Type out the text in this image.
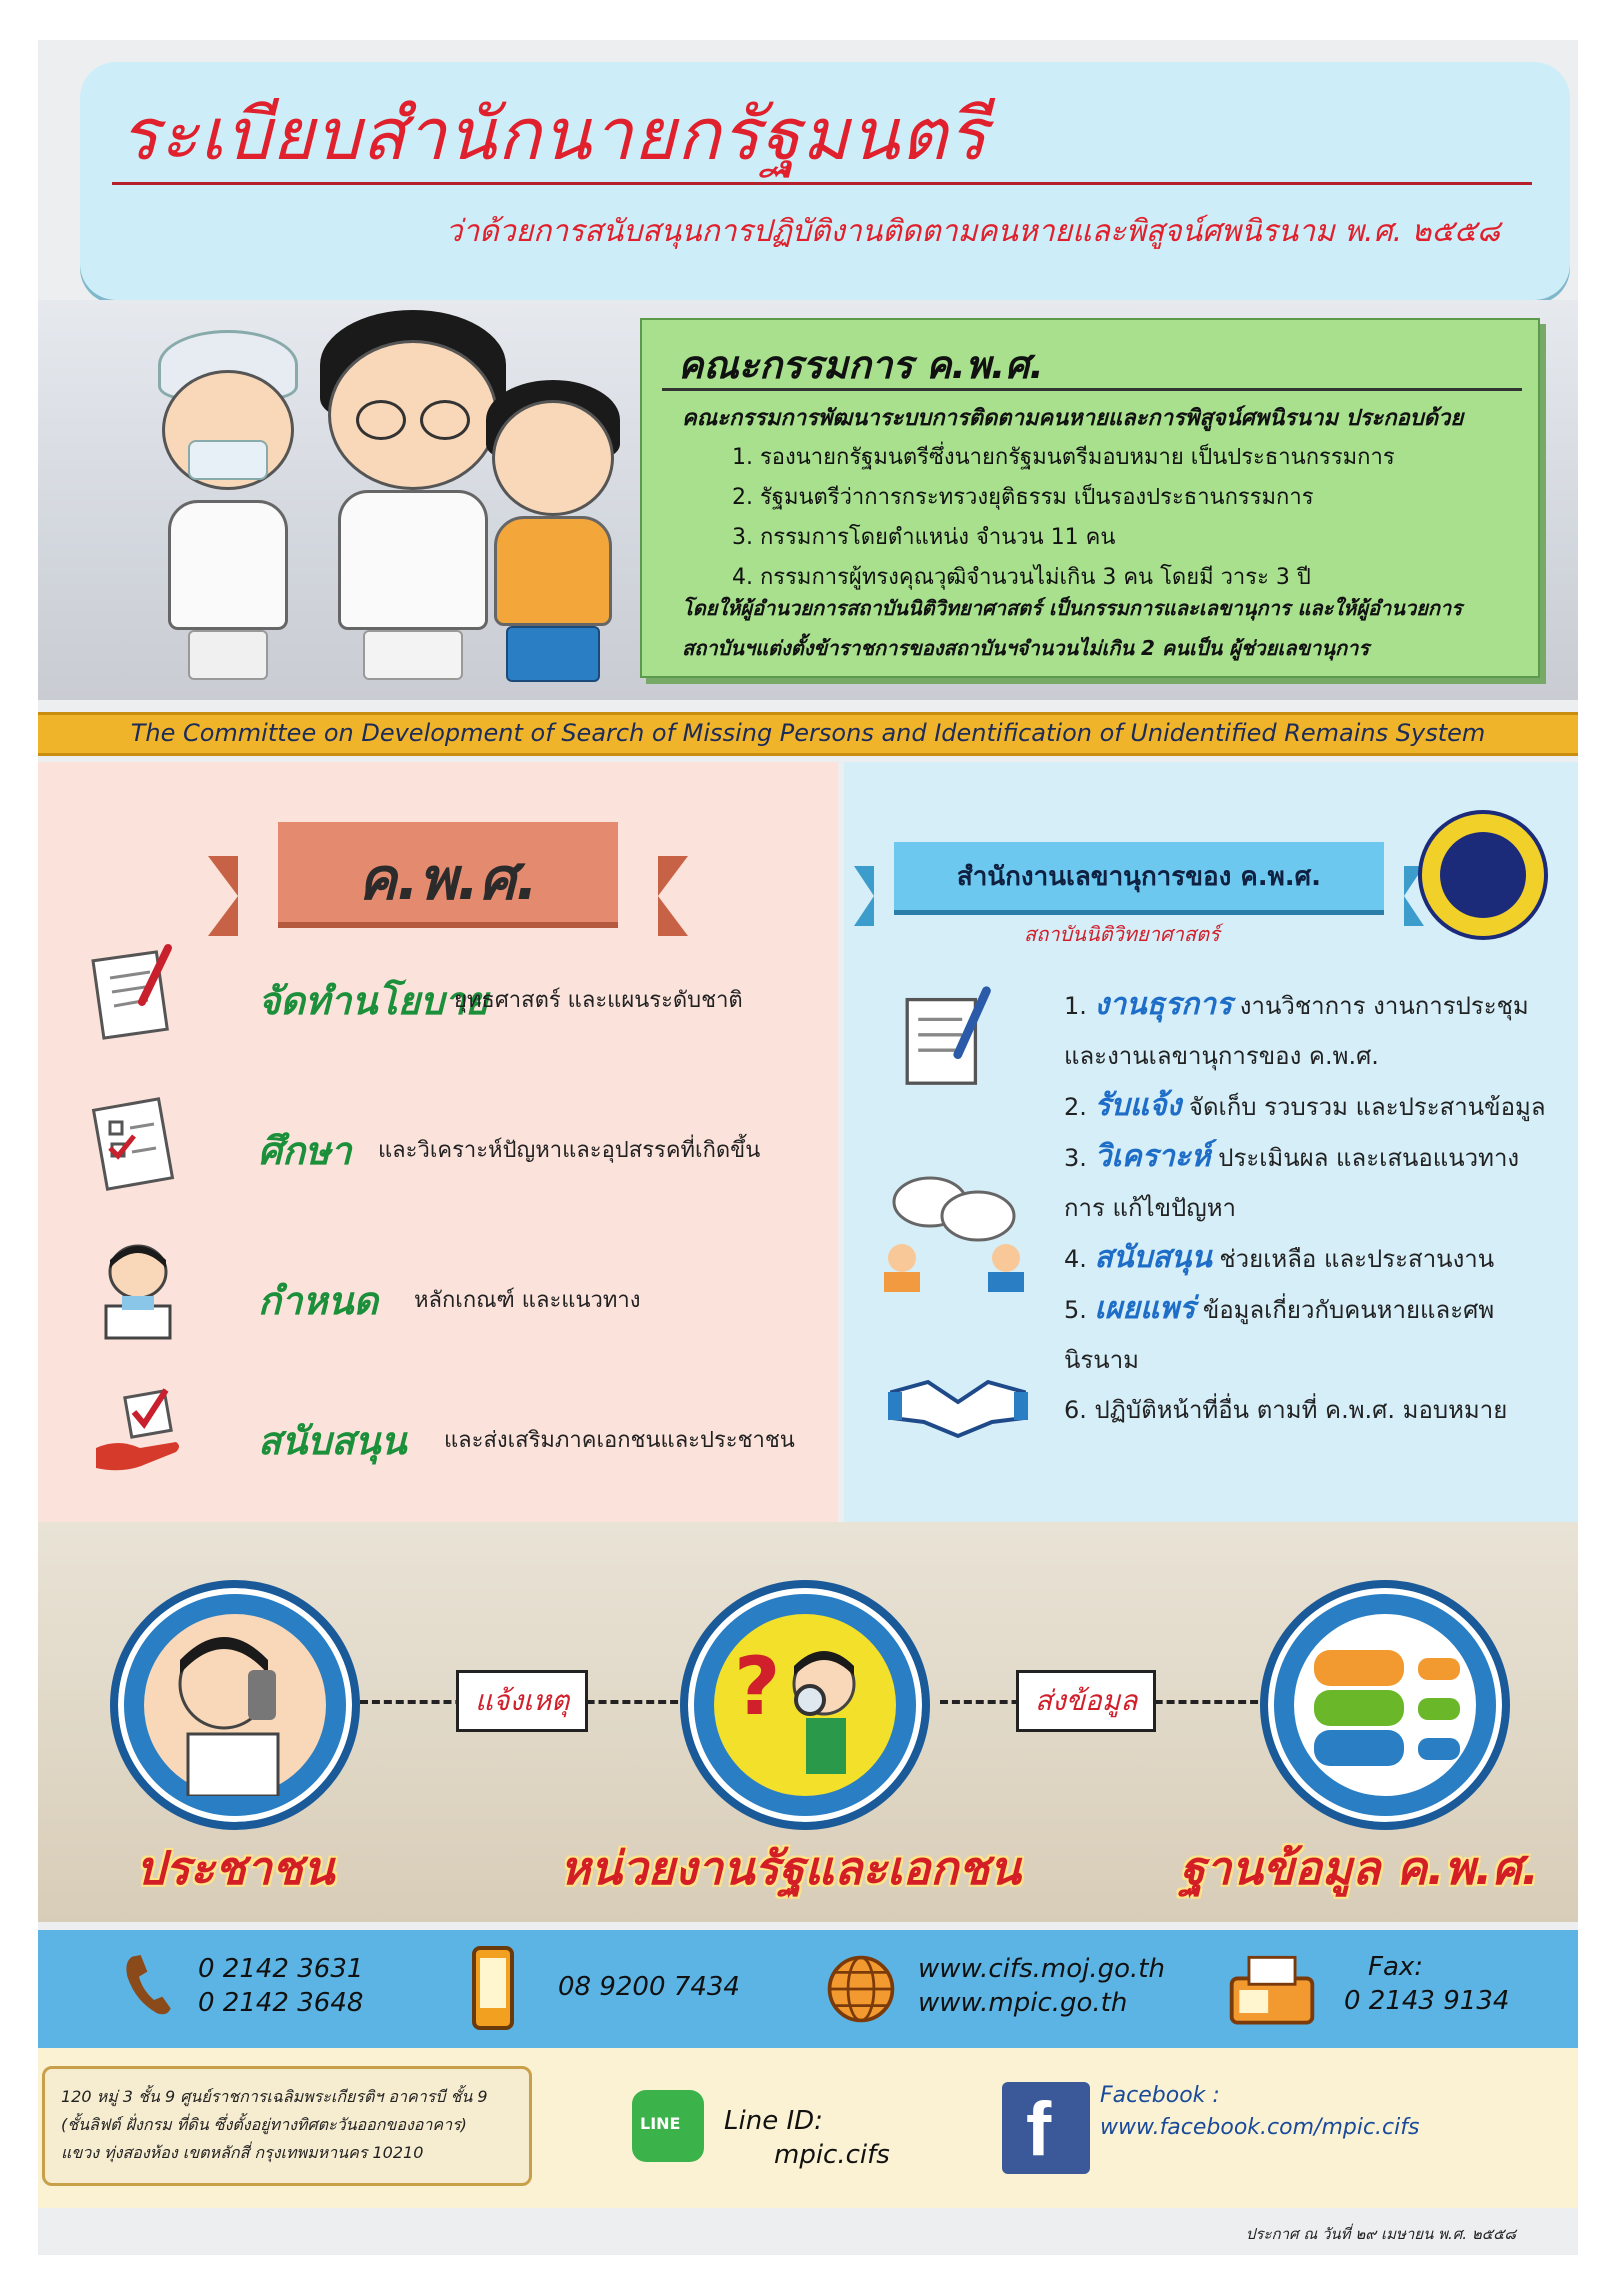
ระเบียบสำนักนายกรัฐมนตรี
ว่าด้วยการสนับสนุนการปฏิบัติงานติดตามคนหายและพิสูจน์ศพนิรนาม พ.ศ. ๒๕๕๘
คณะกรรมการ ค.พ.ศ.
คณะกรรมการพัฒนาระบบการติดตามคนหายและการพิสูจน์ศพนิรนาม ประกอบด้วย
1. รองนายกรัฐมนตรีซึ่งนายกรัฐมนตรีมอบหมาย เป็นประธานกรรมการ
2. รัฐมนตรีว่าการกระทรวงยุติธรรม เป็นรองประธานกรรมการ
3. กรรมการโดยตำแหน่ง จำนวน 11 คน
4. กรรมการผู้ทรงคุณวุฒิจำนวนไม่เกิน 3 คน โดยมี วาระ 3 ปี
โดยให้ผู้อำนวยการสถาบันนิติวิทยาศาสตร์ เป็นกรรมการและเลขานุการ และให้ผู้อำนวยการ สถาบันฯแต่งตั้งข้าราชการของสถาบันฯจำนวนไม่เกิน 2 คนเป็น ผู้ช่วยเลขานุการ
The Committee on Development of Search of Missing Persons and Identification of Unidentified Remains System
ค.พ.ศ.
จัดทำนโยบาย
ยุทธศาสตร์ และแผนระดับชาติ
ศึกษา และวิเคราะห์ปัญหาและอุปสรรคที่เกิดขึ้น
กำหนด หลักเกณฑ์ และแนวทาง
สนับสนุน และส่งเสริมภาคเอกชนและประชาชน
สำนักงานเลขานุการของ ค.พ.ศ.
สถาบันนิติวิทยาศาสตร์
1. งานธุรการ งานวิชาการ งานการประชุม และงานเลขานุการของ ค.พ.ศ.
2. รับแจ้ง จัดเก็บ รวบรวม และประสานข้อมูล
3. วิเคราะห์ ประเมินผล และเสนอแนวทางการ แก้ไขปัญหา
4. สนับสนุน ช่วยเหลือ และประสานงาน
5. เผยแพร่ ข้อมูลเกี่ยวกับคนหายและศพ นิรนาม
6. ปฏิบัติหน้าที่อื่น ตามที่ ค.พ.ศ. มอบหมาย
?
แจ้งเหตุ	ส่งข้อมูล
ประชาชน	หน่วยงานรัฐและเอกชน	ฐานข้อมูล ค.พ.ศ.
0 2142 3631
0 2142 3648
08 9200 7434
www.cifs.moj.go.th
www.mpic.go.th
Fax:
0 2143 9134
120 หมู่ 3 ชั้น 9 ศูนย์ราชการเฉลิมพระเกียรติฯ อาคารบี ชั้น 9
(ชั้นลิฟต์ ฝั่งกรม ที่ดิน ซึ่งตั้งอยู่ทางทิศตะวันออกของอาคาร)
แขวง ทุ่งสองห้อง เขตหลักสี่ กรุงเทพมหานคร 10210
LINE Line ID:
mpic.cifs f Facebook :
www.facebook.com/mpic.cifs
ประกาศ ณ วันที่ ๒๙ เมษายน พ.ศ. ๒๕๕๘
